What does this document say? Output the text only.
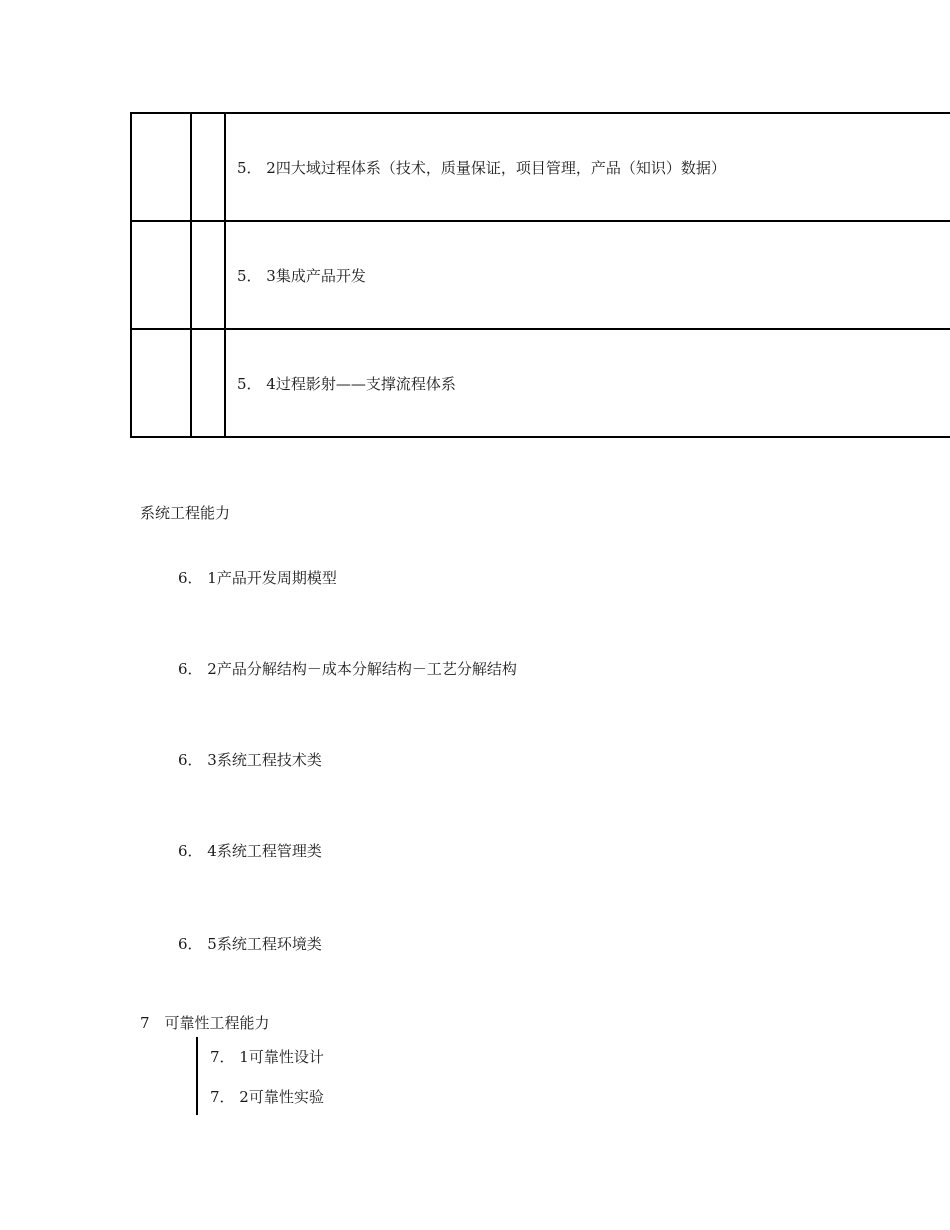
		5． 2四大域过程体系（技术，质量保证，项目管理，产品（知识）数据）
		5． 3集成产品开发
		5． 4过程影射——支撑流程体系
系统工程能力
6． 1产品开发周期模型
6． 2产品分解结构－成本分解结构－工艺分解结构
6． 3系统工程技术类
6． 4系统工程管理类
6． 5系统工程环境类
7　可靠性工程能力
7． 1可靠性设计
7． 2可靠性实验
